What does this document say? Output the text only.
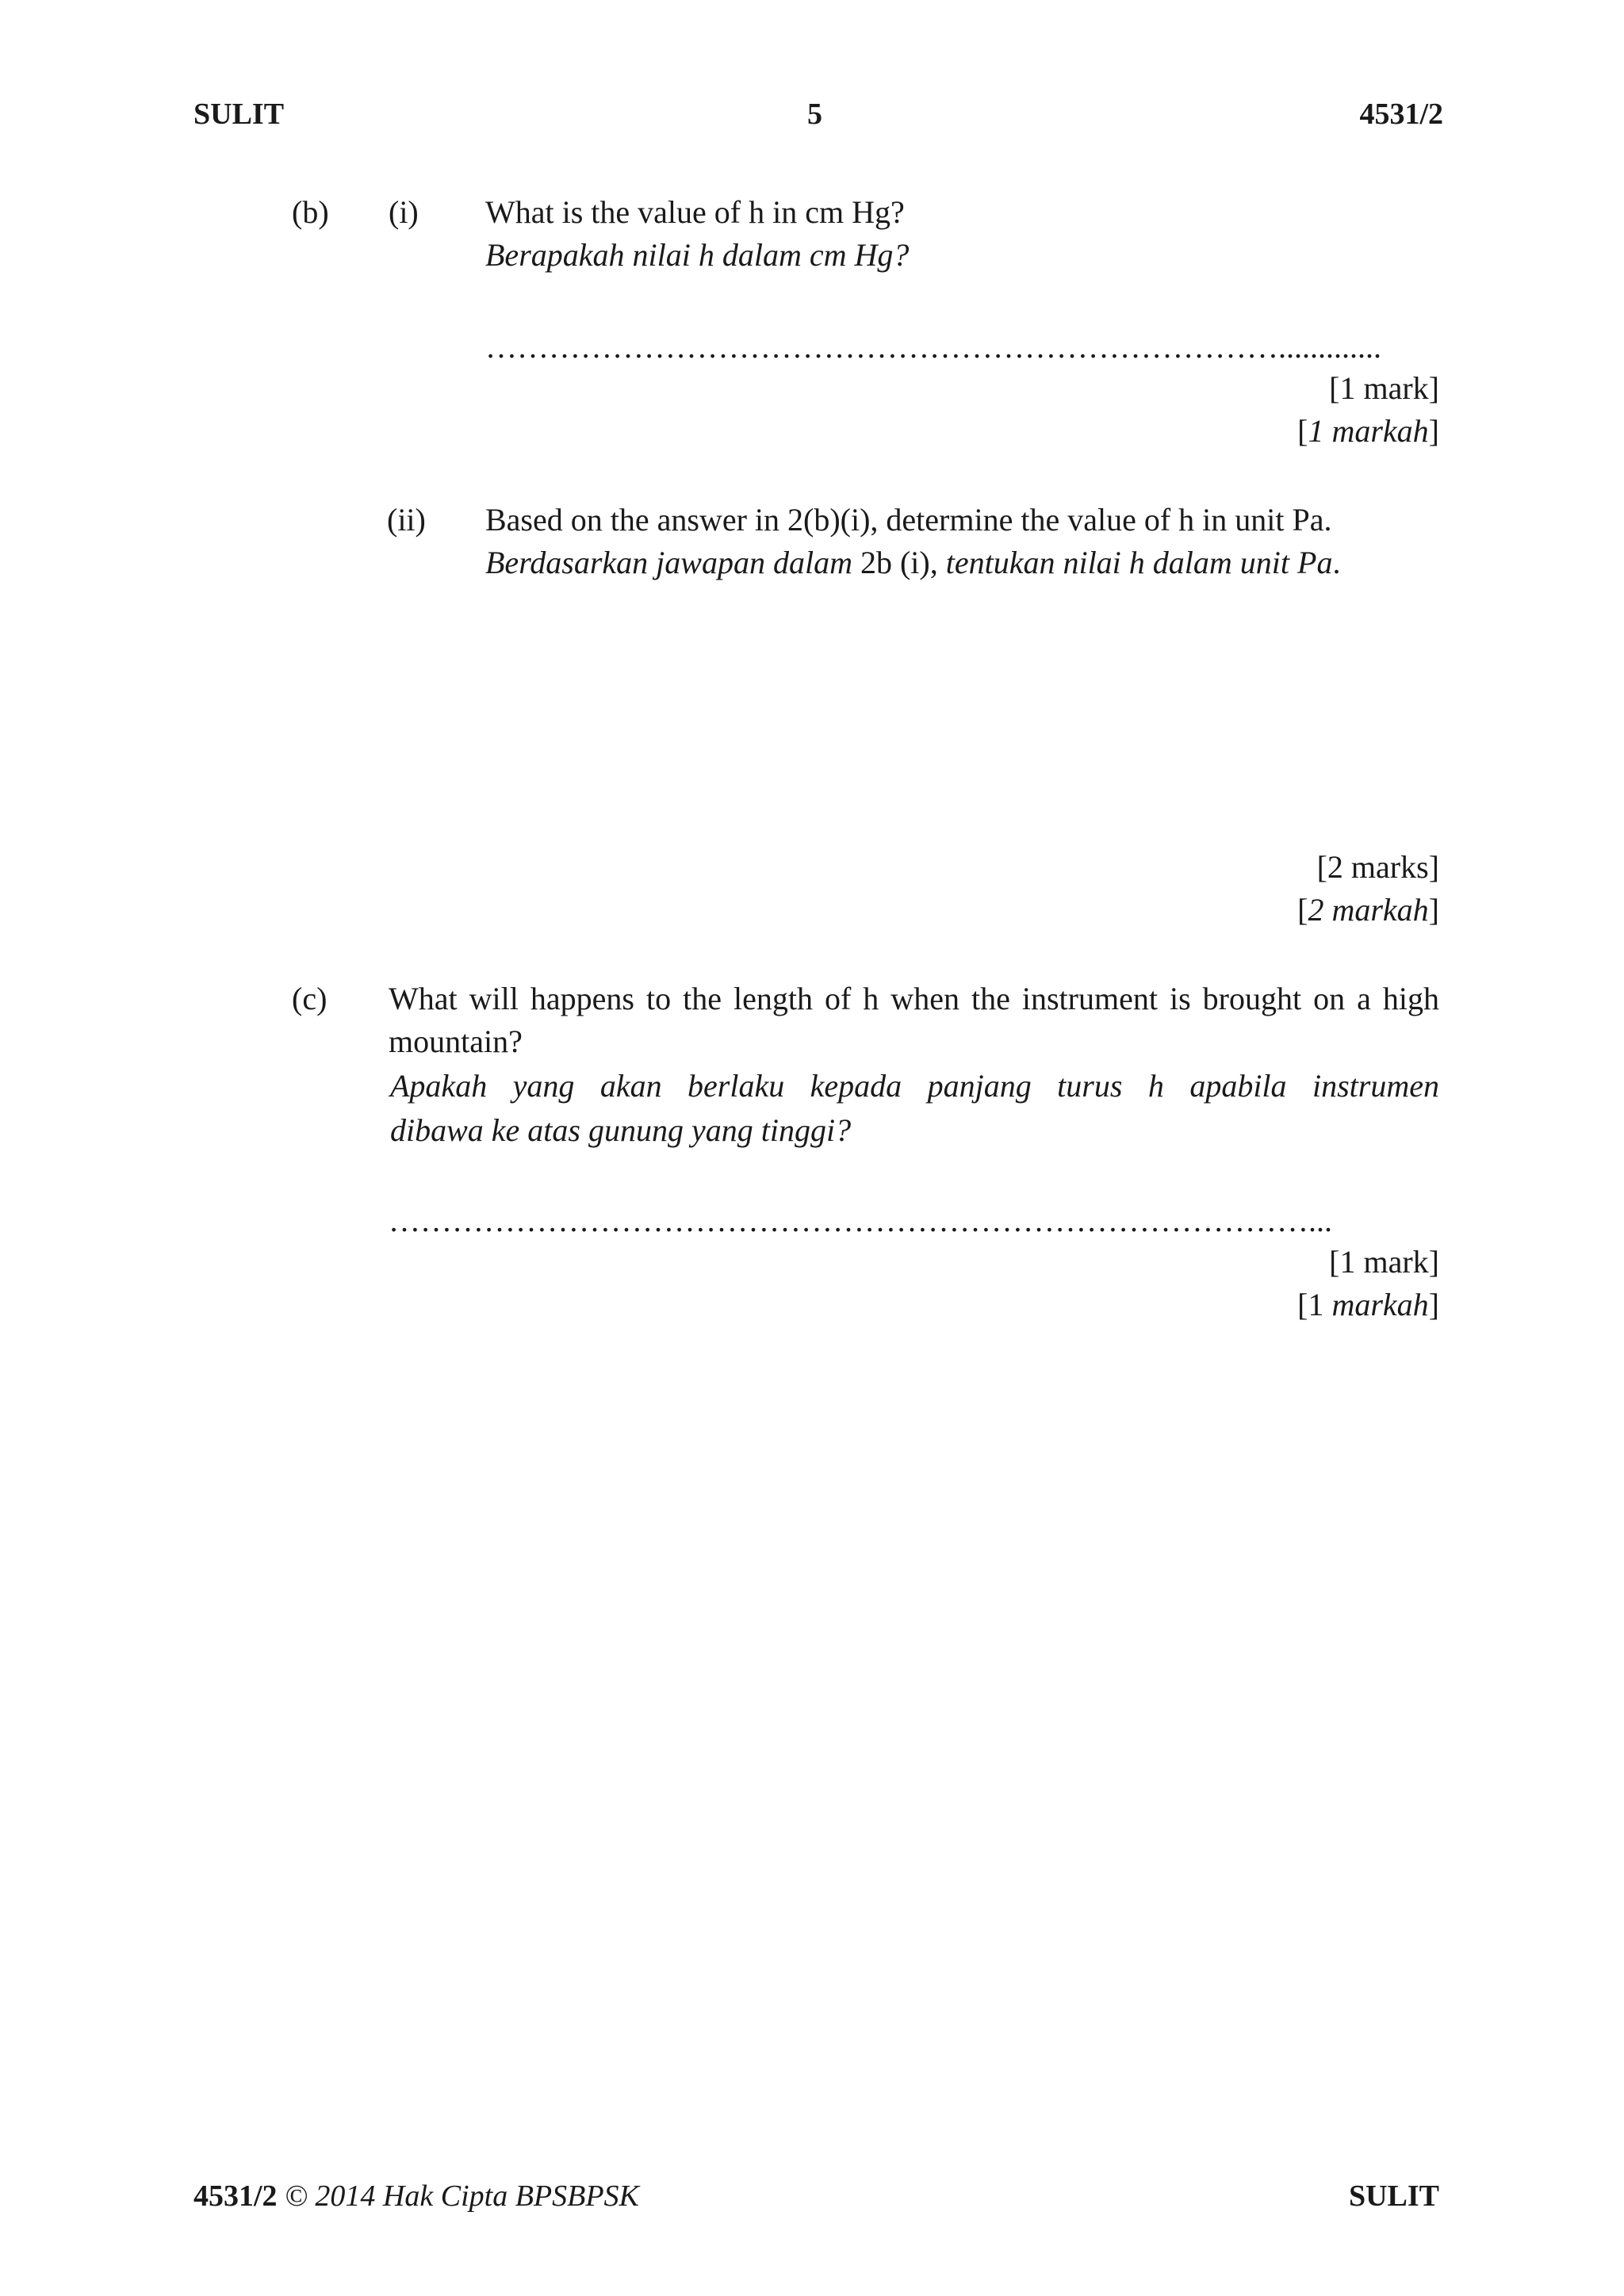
SULIT	5	4531/2
(b) (i) What is the value of h in cm Hg?
Berapakah nilai h dalam cm Hg?
………………………………………………………………….............
[1 mark]
[1 markah]
(ii) Based on the answer in 2(b)(i), determine the value of h in unit Pa.
Berdasarkan jawapan dalam 2b (i), tentukan nilai h dalam unit Pa.
[2 marks]
[2 markah]
(c) What will happens to the length of h when the instrument is brought on a high
mountain?
Apakah yang akan berlaku kepada panjang turus h apabila instrumen
dibawa ke atas gunung yang tinggi?
……………………………………………………………………………...
[1 mark]
[1 markah]
4531/2 © 2014 Hak Cipta BPSBPSK	SULIT
